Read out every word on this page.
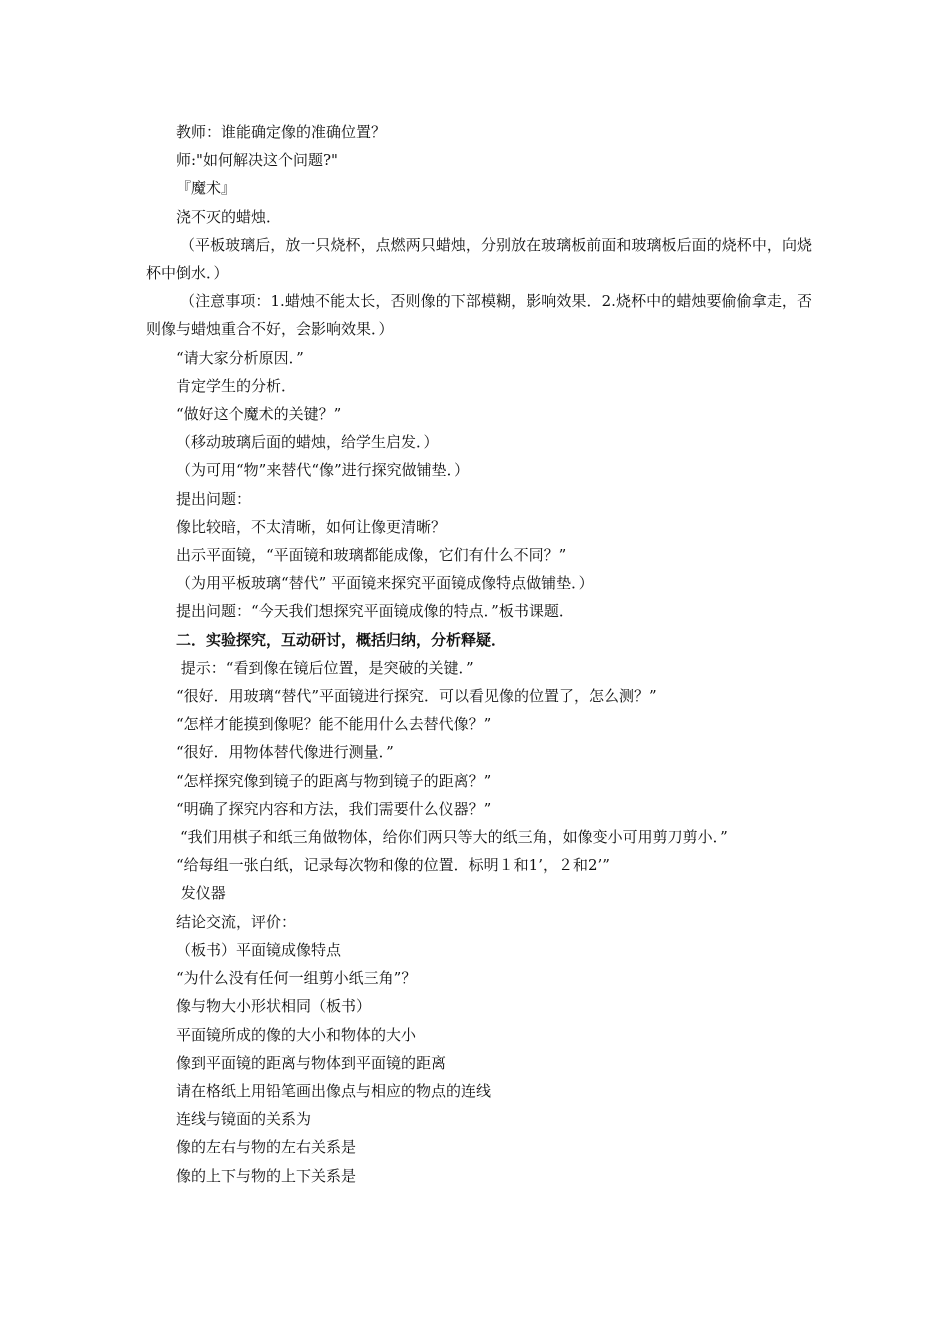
教师：谁能确定像的准确位置？

师:"如何解决这个问题?"

『魔术』

浇不灭的蜡烛．

（平板玻璃后，放一只烧杯，点燃两只蜡烛，分别放在玻璃板前面和玻璃板后面的烧杯中，向烧杯中倒水．）

（注意事项：1.蜡烛不能太长，否则像的下部模糊，影响效果．2.烧杯中的蜡烛要偷偷拿走，否则像与蜡烛重合不好，会影响效果．）

“请大家分析原因．”

肯定学生的分析．

“做好这个魔术的关键？”

（移动玻璃后面的蜡烛，给学生启发．）

（为可用“物”来替代“像”进行探究做铺垫．）

提出问题：

像比较暗，不太清晰，如何让像更清晰？

出示平面镜，“平面镜和玻璃都能成像，它们有什么不同？”

（为用平板玻璃“替代” 平面镜来探究平面镜成像特点做铺垫．）

提出问题：“今天我们想探究平面镜成像的特点．”板书课题．

二．实验探究，互动研讨，概括归纳，分析释疑．

提示：“看到像在镜后位置，是突破的关键．”

“很好．用玻璃“替代”平面镜进行探究．可以看见像的位置了，怎么测？”

“怎样才能摸到像呢？能不能用什么去替代像？”

“很好．用物体替代像进行测量．”

“怎样探究像到镜子的距离与物到镜子的距离？”

“明确了探究内容和方法，我们需要什么仪器？”

“我们用棋子和纸三角做物体，给你们两只等大的纸三角，如像变小可用剪刀剪小．”

“给每组一张白纸，记录每次物和像的位置．标明１和1’，２和2’”

发仪器

结论交流，评价：

（板书）平面镜成像特点

“为什么没有任何一组剪小纸三角”？

像与物大小形状相同（板书）

平面镜所成的像的大小和物体的大小

像到平面镜的距离与物体到平面镜的距离

请在格纸上用铅笔画出像点与相应的物点的连线

连线与镜面的关系为

像的左右与物的左右关系是

像的上下与物的上下关系是
